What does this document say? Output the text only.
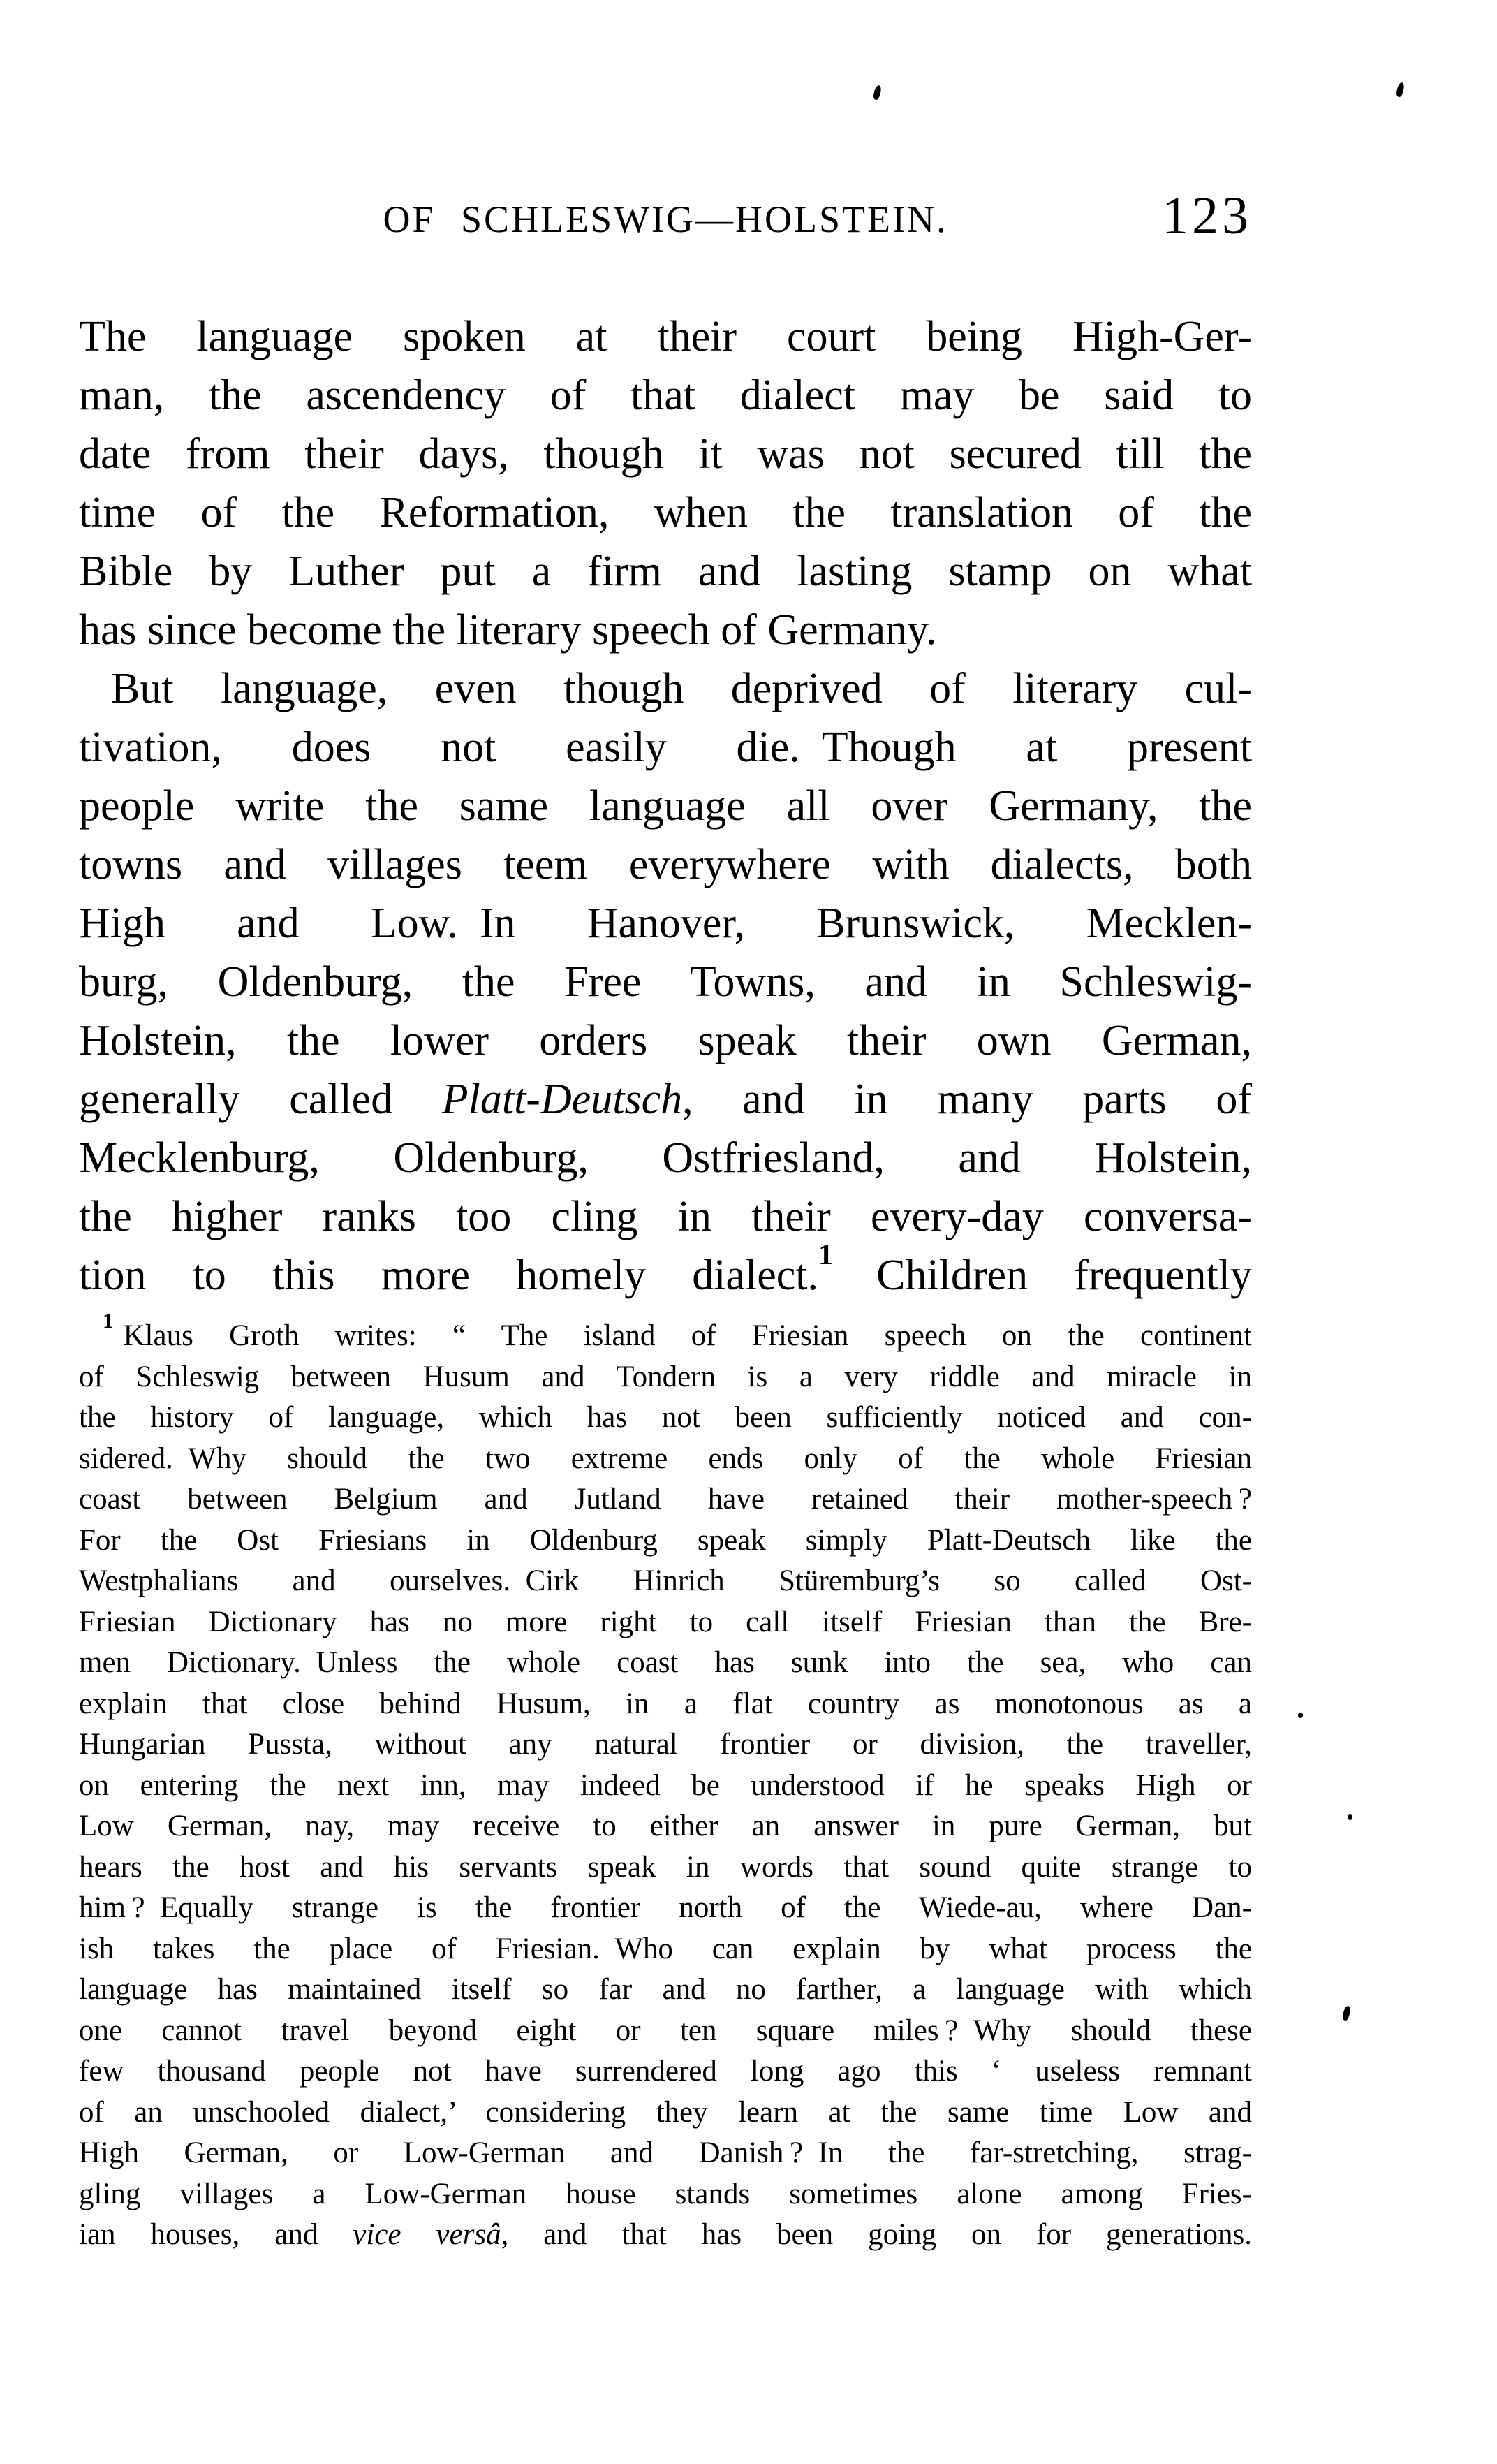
OF SCHLESWIG—HOLSTEIN.	123
The language spoken at their court being High-Ger-
man, the ascendency of that dialect may be said to
date from their days, though it was not secured till the
time of the Reformation, when the translation of the
Bible by Luther put a firm and lasting stamp on what
has since become the literary speech of Germany.
But language, even though deprived of literary cul-
tivation, does not easily die. Though at present
people write the same language all over Germany, the
towns and villages teem everywhere with dialects, both
High and Low. In Hanover, Brunswick, Mecklen-
burg, Oldenburg, the Free Towns, and in Schleswig-
Holstein, the lower orders speak their own German,
generally called Platt-Deutsch, and in many parts of
Mecklenburg, Oldenburg, Ostfriesland, and Holstein,
the higher ranks too cling in their every-day conversa-
tion to this more homely dialect.$^1$  Children frequently
$^1$ Klaus Groth writes: “ The island of Friesian speech on the continent
of Schleswig between Husum and Tondern is a very riddle and miracle in
the history of language, which has not been sufficiently noticed and con-
sidered. Why should the two extreme ends only of the whole Friesian
coast between Belgium and Jutland have retained their mother-speech ?
For the Ost Friesians in Oldenburg speak simply Platt-Deutsch like the
Westphalians and ourselves. Cirk Hinrich Stüremburg’s so called Ost-
Friesian Dictionary has no more right to call itself Friesian than the Bre-
men Dictionary. Unless the whole coast has sunk into the sea, who can
explain that close behind Husum, in a flat country as monotonous as a
Hungarian Pussta, without any natural frontier or division, the traveller,
on entering the next inn, may indeed be understood if he speaks High or
Low German, nay, may receive to either an answer in pure German, but
hears the host and his servants speak in words that sound quite strange to
him ? Equally strange is the frontier north of the Wiede-au, where Dan-
ish takes the place of Friesian. Who can explain by what process the
language has maintained itself so far and no farther, a language with which
one cannot travel beyond eight or ten square miles ? Why should these
few thousand people not have surrendered long ago this ‘ useless remnant
of an unschooled dialect,’ considering they learn at the same time Low and
High German, or Low-German and Danish ? In the far-stretching, strag-
gling villages a Low-German house stands sometimes alone among Fries-
ian houses, and vice versâ, and that has been going on for generations.
